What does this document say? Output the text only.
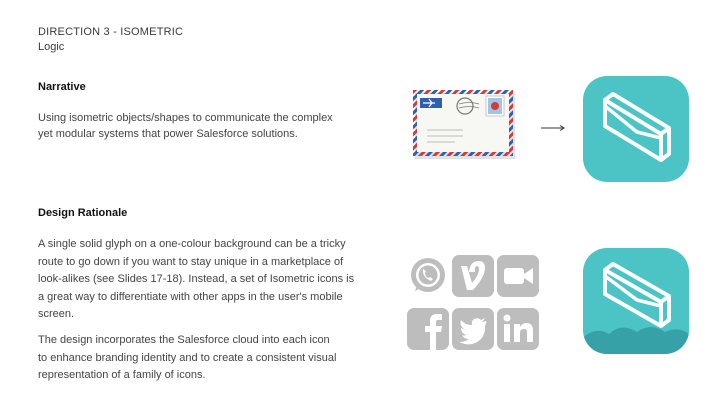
DIRECTION 3 - ISOMETRIC
Logic
Narrative

Using isometric objects/shapes to communicate the complex yet modular systems that power Salesforce solutions.

Design Rationale

A single solid glyph on a one-colour background can be a tricky route to go down if you want to stay unique in a marketplace of look-alikes (see Slides 17-18). Instead, a set of Isometric icons is a great way to differentiate with other apps in the user's mobile screen.

The design incorporates the Salesforce cloud into each icon to enhance branding identity and to create a consistent visual representation of a family of icons.
